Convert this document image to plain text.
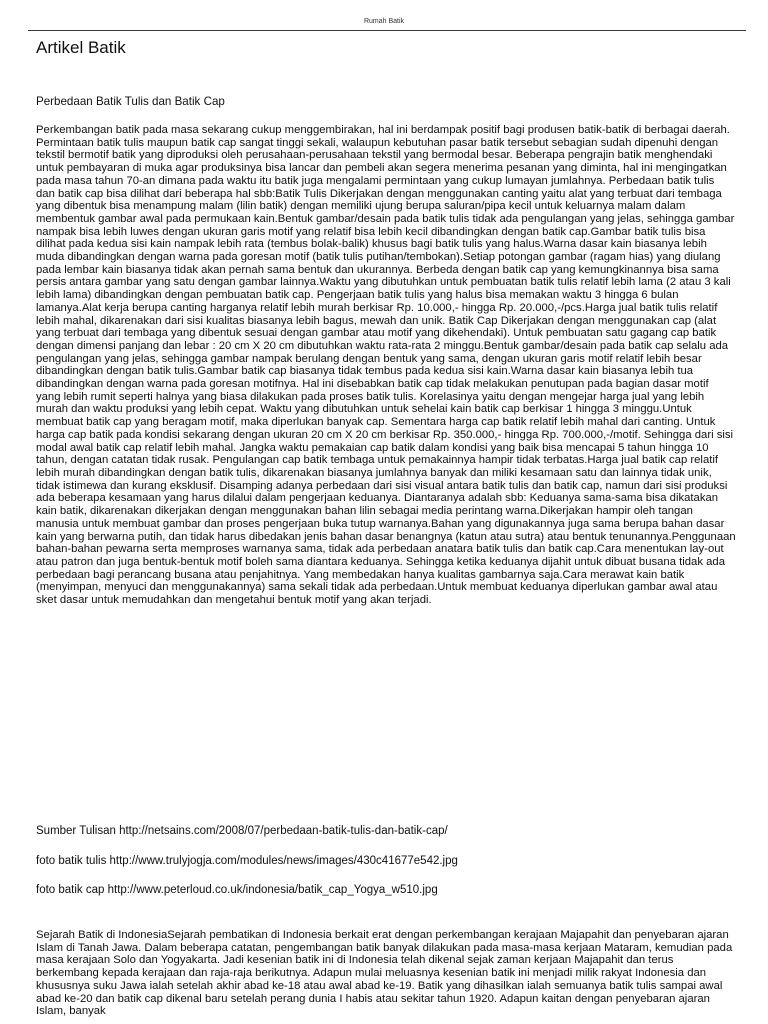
Rumah Batik
Artikel Batik

Perbedaan Batik Tulis dan Batik Cap

Perkembangan batik pada masa sekarang cukup menggembirakan, hal ini berdampak positif bagi produsen batik-batik di berbagai daerah. Permintaan batik tulis maupun batik cap sangat tinggi sekali, walaupun kebutuhan pasar batik tersebut sebagian sudah dipenuhi dengan tekstil bermotif batik yang diproduksi oleh perusahaan-perusahaan tekstil yang bermodal besar. Beberapa pengrajin batik menghendaki untuk pembayaran di muka agar produksinya bisa lancar dan pembeli akan segera menerima pesanan yang diminta, hal ini mengingatkan pada masa tahun 70-an dimana pada waktu itu batik juga mengalami permintaan yang cukup lumayan jumlahnya. Perbedaan batik tulis dan batik cap bisa dilihat dari beberapa hal sbb:Batik Tulis Dikerjakan dengan menggunakan canting yaitu alat yang terbuat dari tembaga yang dibentuk bisa menampung malam (lilin batik) dengan memiliki ujung berupa saluran/pipa kecil untuk keluarnya malam dalam membentuk gambar awal pada permukaan kain.Bentuk gambar/desain pada batik tulis tidak ada pengulangan yang jelas, sehingga gambar nampak bisa lebih luwes dengan ukuran garis motif yang relatif bisa lebih kecil dibandingkan dengan batik cap.Gambar batik tulis bisa dilihat pada kedua sisi kain nampak lebih rata (tembus bolak-balik) khusus bagi batik tulis yang halus.Warna dasar kain biasanya lebih muda dibandingkan dengan warna pada goresan motif (batik tulis putihan/tembokan).Setiap potongan gambar (ragam hias) yang diulang pada lembar kain biasanya tidak akan pernah sama bentuk dan ukurannya. Berbeda dengan batik cap yang kemungkinannya bisa sama persis antara gambar yang satu dengan gambar lainnya.Waktu yang dibutuhkan untuk pembuatan batik tulis relatif lebih lama (2 atau 3 kali lebih lama) dibandingkan dengan pembuatan batik cap. Pengerjaan batik tulis yang halus bisa memakan waktu 3 hingga 6 bulan lamanya.Alat kerja berupa canting harganya relatif lebih murah berkisar Rp. 10.000,- hingga Rp. 20.000,-/pcs.Harga jual batik tulis relatif lebih mahal, dikarenakan dari sisi kualitas biasanya lebih bagus, mewah dan unik. Batik Cap Dikerjakan dengan menggunakan cap (alat yang terbuat dari tembaga yang dibentuk sesuai dengan gambar atau motif yang dikehendaki). Untuk pembuatan satu gagang cap batik dengan dimensi panjang dan lebar : 20 cm X 20 cm dibutuhkan waktu rata-rata 2 minggu.Bentuk gambar/desain pada batik cap selalu ada pengulangan yang jelas, sehingga gambar nampak berulang dengan bentuk yang sama, dengan ukuran garis motif relatif lebih besar dibandingkan dengan batik tulis.Gambar batik cap biasanya tidak tembus pada kedua sisi kain.Warna dasar kain biasanya lebih tua dibandingkan dengan warna pada goresan motifnya. Hal ini disebabkan batik cap tidak melakukan penutupan pada bagian dasar motif yang lebih rumit seperti halnya yang biasa dilakukan pada proses batik tulis. Korelasinya yaitu dengan mengejar harga jual yang lebih murah dan waktu produksi yang lebih cepat. Waktu yang dibutuhkan untuk sehelai kain batik cap berkisar 1 hingga 3 minggu.Untuk membuat batik cap yang beragam motif, maka diperlukan banyak cap. Sementara harga cap batik relatif lebih mahal dari canting. Untuk harga cap batik pada kondisi sekarang dengan ukuran 20 cm X 20 cm berkisar Rp. 350.000,- hingga Rp. 700.000,-/motif. Sehingga dari sisi modal awal batik cap relatif lebih mahal. Jangka waktu pemakaian cap batik dalam kondisi yang baik bisa mencapai 5 tahun hingga 10 tahun, dengan catatan tidak rusak. Pengulangan cap batik tembaga untuk pemakainnya hampir tidak terbatas.Harga jual batik cap relatif lebih murah dibandingkan dengan batik tulis, dikarenakan biasanya jumlahnya banyak dan miliki kesamaan satu dan lainnya tidak unik, tidak istimewa dan kurang eksklusif. Disamping adanya perbedaan dari sisi visual antara batik tulis dan batik cap, namun dari sisi produksi ada beberapa kesamaan yang harus dilalui dalam pengerjaan keduanya. Diantaranya adalah sbb: Keduanya sama-sama bisa dikatakan kain batik, dikarenakan dikerjakan dengan menggunakan bahan lilin sebagai media perintang warna.Dikerjakan hampir oleh tangan manusia untuk membuat gambar dan proses pengerjaan buka tutup warnanya.Bahan yang digunakannya juga sama berupa bahan dasar kain yang berwarna putih, dan tidak harus dibedakan jenis bahan dasar benangnya (katun atau sutra) atau bentuk tenunannya.Penggunaan bahan-bahan pewarna serta memproses warnanya sama, tidak ada perbedaan anatara batik tulis dan batik cap.Cara menentukan lay-out atau patron dan juga bentuk-bentuk motif boleh sama diantara keduanya. Sehingga ketika keduanya dijahit untuk dibuat busana tidak ada perbedaan bagi perancang busana atau penjahitnya. Yang membedakan hanya kualitas gambarnya saja.Cara merawat kain batik (menyimpan, menyuci dan menggunakannya) sama sekali tidak ada perbedaan.Untuk membuat keduanya diperlukan gambar awal atau sket dasar untuk memudahkan dan mengetahui bentuk motif yang akan terjadi.

Sumber Tulisan http://netsains.com/2008/07/perbedaan-batik-tulis-dan-batik-cap/

foto batik tulis http://www.trulyjogja.com/modules/news/images/430c41677e542.jpg

foto batik cap http://www.peterloud.co.uk/indonesia/batik_cap_Yogya_w510.jpg

Sejarah Batik di IndonesiaSejarah pembatikan di Indonesia berkait erat dengan perkembangan kerajaan Majapahit dan penyebaran ajaran Islam di Tanah Jawa. Dalam beberapa catatan, pengembangan batik banyak dilakukan pada masa-masa kerjaan Mataram, kemudian pada masa kerajaan Solo dan Yogyakarta. Jadi kesenian batik ini di Indonesia telah dikenal sejak zaman kerjaan Majapahit dan terus berkembang kepada kerajaan dan raja-raja berikutnya. Adapun mulai meluasnya kesenian batik ini menjadi milik rakyat Indonesia dan khususnya suku Jawa ialah setelah akhir abad ke-18 atau awal abad ke-19. Batik yang dihasilkan ialah semuanya batik tulis sampai awal abad ke-20 dan batik cap dikenal baru setelah perang dunia I habis atau sekitar tahun 1920. Adapun kaitan dengan penyebaran ajaran Islam, banyak
